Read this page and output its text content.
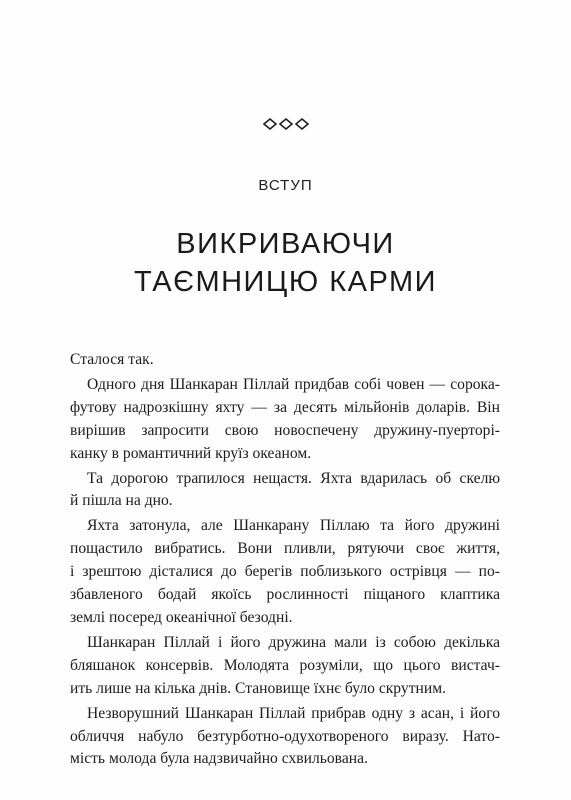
ВСТУП
ВИКРИВАЮЧИ
ТАЄМНИЦЮ КАРМИ
Сталося так.
Одного дня Шанкаран Піллай придбав собі човен — сорока-
футову надрозкішну яхту — за десять мільйонів доларів. Він
вирішив запросити свою новоспечену дружину-пуерторі-
канку в романтичний круїз океаном.
Та дорогою трапилося нещастя. Яхта вдарилась об скелю
й пішла на дно.
Яхта затонула, але Шанкарану Піллаю та його дружині
пощастило вибратись. Вони пливли, рятуючи своє життя,
і зрештою дісталися до берегів поблизького острівця — по-
збавленого бодай якоїсь рослинності піщаного клаптика
землі посеред океанічної безодні.
Шанкаран Піллай і його дружина мали із собою декілька
бляшанок консервів. Молодята розуміли, що цього вистач-
ить лише на кілька днів. Становище їхнє було скрутним.
Незворушний Шанкаран Піллай прибрав одну з асан, і його
обличчя набуло безтурботно-одухотвореного виразу. Нато-
мість молода була надзвичайно схвильована.
